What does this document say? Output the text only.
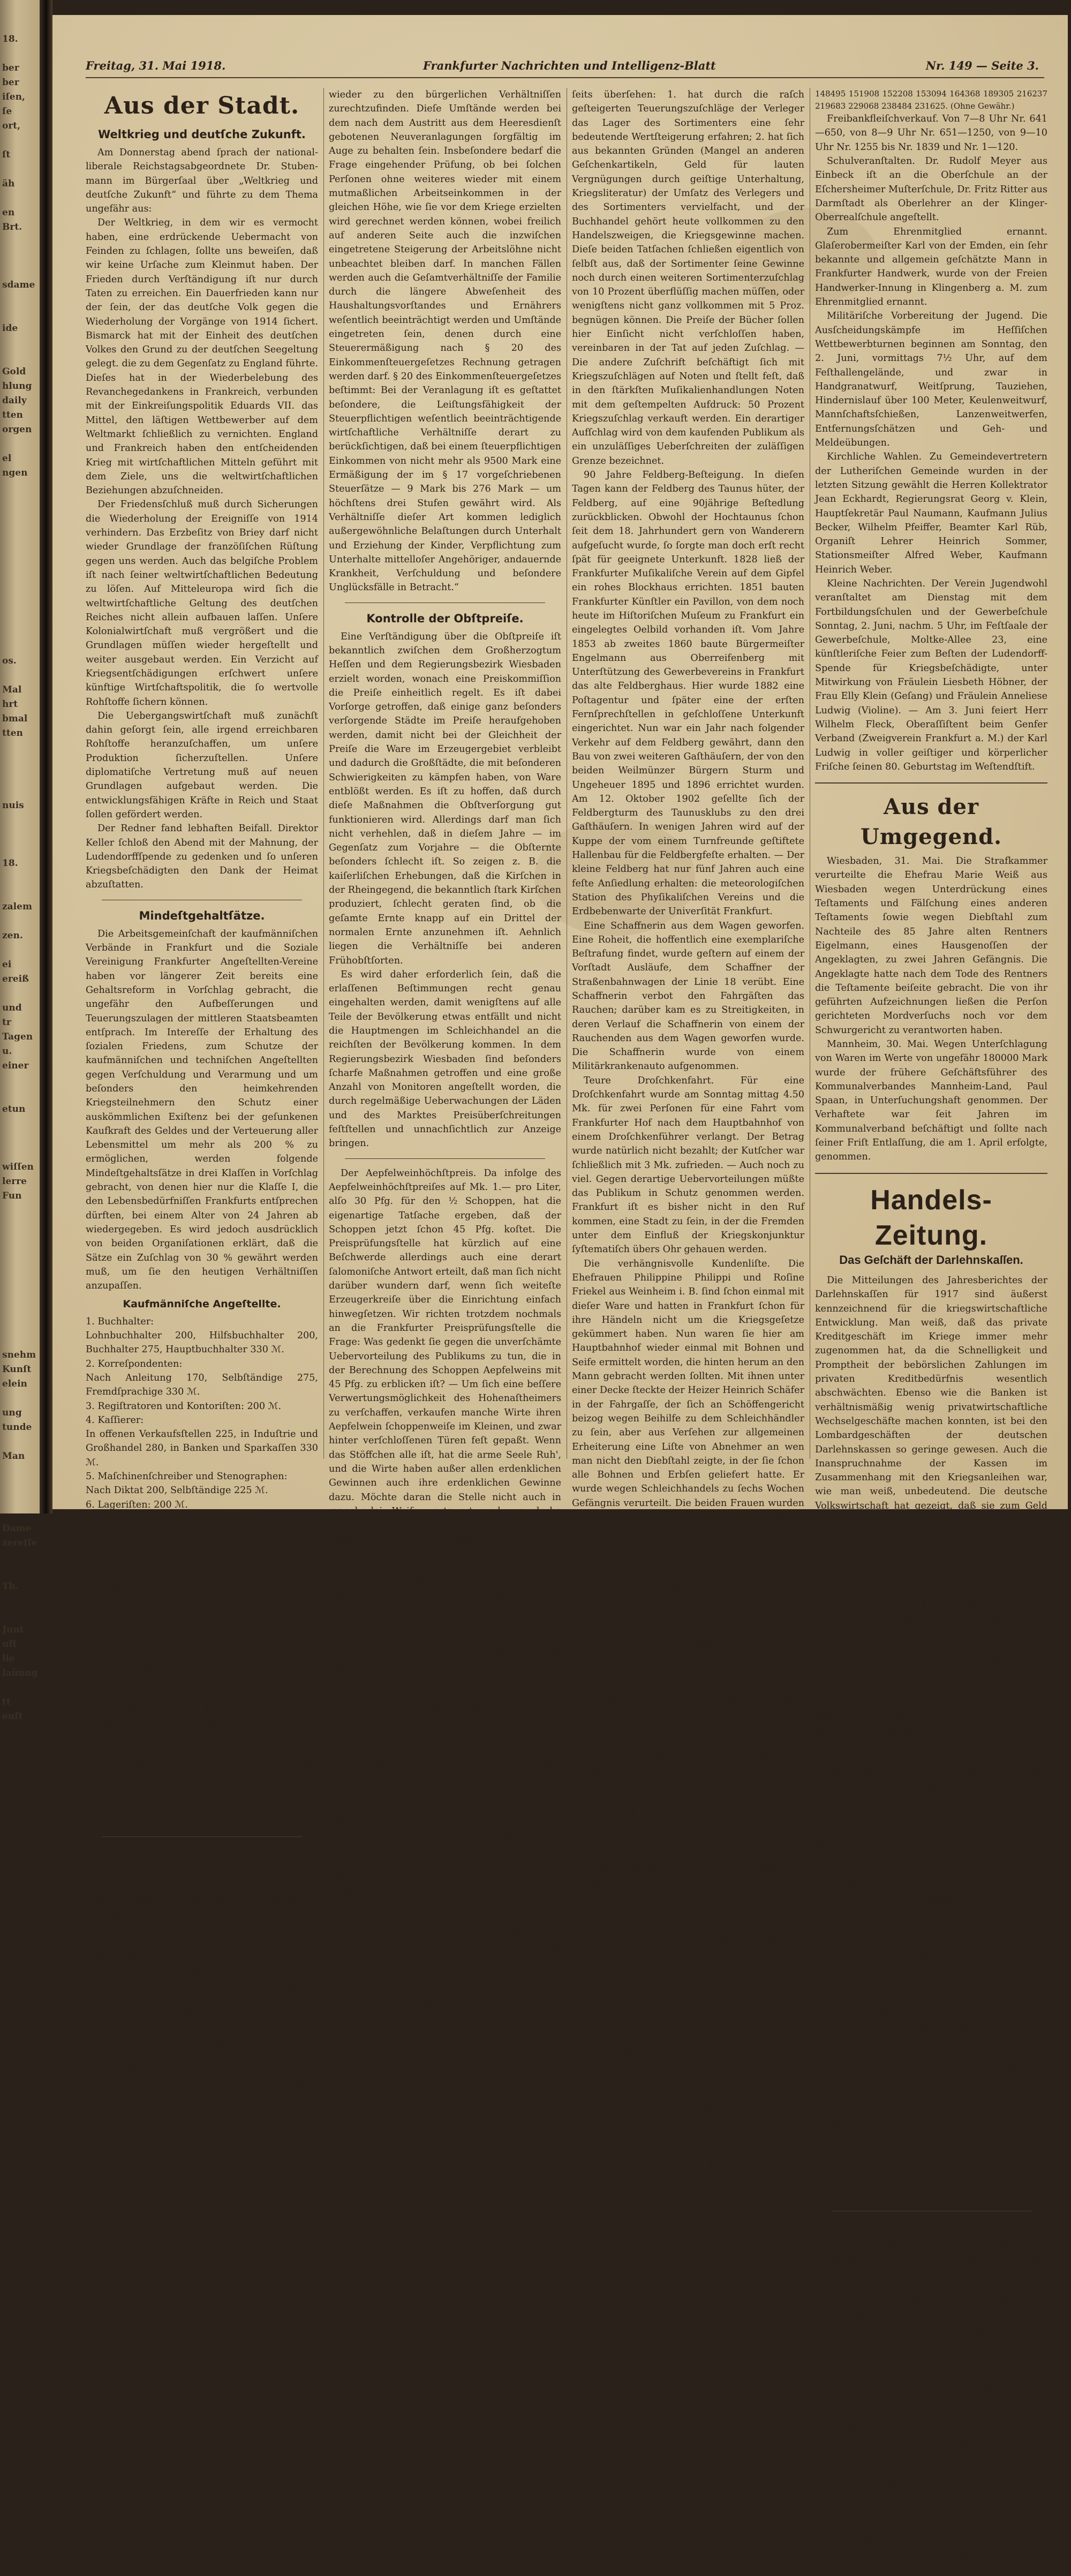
18.

ber
ber
iſen,
ſe
ort,

ſt

äh

en
Brt.

sdame

ide

Gold
hlung
daily
tten
orgen

el
ngen

os.

Mal
hrt
bmal
tten

nuis

18.

zalem

zen.

ei
ereiß

und
tr
Tagen
u.
einer

etun

wiſſen
lerre
Fun

snehm
Kunſt
elein

ung
tunde

Man

Dame
zereſſe

Th.

Junt
ufſ
lie
laüung

tt
enſt
Freitag, 31. Mai 1918.	Frankfurter Nachrichten und Intelligenz-Blatt	Nr. 149 — Seite 3.
Aus der Stadt.
Weltkrieg und deutſche Zukunft.

Am Donnerstag abend ſprach der national-liberale Reichstagsabgeordnete Dr. Stuben-mann im Bürgerſaal über „Weltkrieg und deutſche Zukunft“ und führte zu dem Thema ungefähr aus:

Der Weltkrieg, in dem wir es vermocht haben, eine erdrückende Uebermacht von Feinden zu ſchlagen, ſollte uns beweiſen, daß wir keine Urſache zum Kleinmut haben. Der Frieden durch Verſtändigung iſt nur durch Taten zu erreichen. Ein Dauerfrieden kann nur der ſein, der das deutſche Volk gegen die Wiederholung der Vorgänge von 1914 ſichert. Bismarck hat mit der Einheit des deutſchen Volkes den Grund zu der deutſchen Seegeltung gelegt. die zu dem Gegenſatz zu England führte. Dieſes hat in der Wiederbelebung des Revanchegedankens in Frankreich, verbunden mit der Einkreiſungspolitik Eduards VII. das Mittel, den läſtigen Wettbewerber auf dem Weltmarkt ſchließlich zu vernichten. England und Frankreich haben den entſcheidenden Krieg mit wirtſchaftlichen Mitteln geführt mit dem Ziele, uns die weltwirtſchaftlichen Beziehungen abzuſchneiden.

Der Friedensſchluß muß durch Sicherungen die Wiederholung der Ereigniſſe von 1914 verhindern. Das Erzbeſitz von Briey darf nicht wieder Grundlage der franzöſiſchen Rüſtung gegen uns werden. Auch das belgiſche Problem iſt nach ſeiner weltwirtſchaftlichen Bedeutung zu löſen. Auf Mitteleuropa wird ſich die weltwirtſchaftliche Geltung des deutſchen Reiches nicht allein aufbauen laſſen. Unſere Kolonialwirtſchaft muß vergrößert und die Grundlagen müſſen wieder hergeſtellt und weiter ausgebaut werden. Ein Verzicht auf Kriegsentſchädigungen erſchwert unſere künftige Wirtſchaftspolitik, die ſo wertvolle Rohſtoffe ſichern können.

Die Uebergangswirtſchaft muß zunächſt dahin geſorgt ſein, alle irgend erreichbaren Rohſtoffe heranzuſchaffen, um unſere Produktion ſicherzuſtellen. Unſere diplomatiſche Vertretung muß auf neuen Grundlagen aufgebaut werden. Die entwicklungsfähigen Kräfte in Reich und Staat ſollen gefördert werden.

Der Redner fand lebhaften Beifall. Direktor Keller ſchloß den Abend mit der Mahnung, der Ludendorffſpende zu gedenken und ſo unſeren Kriegsbeſchädigten den Dank der Heimat abzuſtatten.

Mindeſtgehaltſätze.

Die Arbeitsgemeinſchaft der kaufmänniſchen Verbände in Frankfurt und die Soziale Vereinigung Frankfurter Angeſtellten-Vereine haben vor längerer Zeit bereits eine Gehaltsreform in Vorſchlag gebracht, die ungefähr den Aufbeſſerungen und Teuerungszulagen der mittleren Staatsbeamten entſprach. Im Intereſſe der Erhaltung des ſozialen Friedens, zum Schutze der kaufmänniſchen und techniſchen Angeſtellten gegen Verſchuldung und Verarmung und um beſonders den heimkehrenden Kriegsteilnehmern den Schutz einer auskömmlichen Exiſtenz bei der geſunkenen Kaufkraft des Geldes und der Verteuerung aller Lebensmittel um mehr als 200 % zu ermöglichen, werden folgende Mindeſtgehaltsſätze in drei Klaſſen in Vorſchlag gebracht, von denen hier nur die Klaſſe I, die den Lebensbedürfniſſen Frankfurts entſprechen dürften, bei einem Alter von 24 Jahren ab wiedergegeben. Es wird jedoch ausdrücklich von beiden Organiſationen erklärt, daß die Sätze ein Zuſchlag von 30 % gewährt werden muß, um ſie den heutigen Verhältniſſen anzupaſſen.

Kaufmänniſche Angeſtellte.

1. Buchhalter:

Lohnbuchhalter 200, Hilfsbuchhalter 200, Buchhalter 275, Hauptbuchhalter 330 ℳ.

2. Korreſpondenten:

Nach Anleitung 170, Selbſtändige 275, Fremdſprachige 330 ℳ.

3. Regiſtratoren und Kontoriſten: 200 ℳ.

4. Kaſſierer:

In offenen Verkaufsſtellen 225, in Induſtrie und Großhandel 280, in Banken und Sparkaſſen 330 ℳ.

5. Maſchinenſchreiber und Stenographen:

Nach Diktat 200, Selbſtändige 225 ℳ.

6. Lageriſten: 200 ℳ.

7. Expedienten: 225 ℳ.

8. Verkäufer:

Kolonial- und verwandte Waren 170, andere Verkäufer 225, Schaufenſterdekorateure 280, Filialleiter 225 ℳ.

9. Reiſende: 280 ℳ.

10. Dolmetſcher (ohne Rückſicht auf Alter): 280 ℳ.

Techniſche Angeſtellte.

Induſtrie. Büro: Zeichner 200, Detailkonſtrukteure 200, Offertingenieure und Vorkalkulatoren 250, Selbſt. Konſtrukteure und Projektierungsing. 375, Reiſe- und Verſuchsingenieure 450, Ober- und Gruppenchefs 450, Oberingenieure 600 ℳ.

Betrieb: Nachkalkulatoren 280, Werkmeiſter 300, Obermeiſter 450, Montageleiter 450, Betriebsaſſiſtenten 300, Betriebsingenieure 600 ℳ.

Baugewerbe: Zeichner 200, Bautechniker im Büro 300, Bautechniker auf dem Bau 350, Bauleiter 400 ℳ.

Die Steuerveranlagung
ehem. Kriegsteilnehmer.

Die Grundſätze für die Einkommenſteuerveranlagung der entlaſſenen Kriegsteilnehmer werden in einem Erlaß des Finanzminiſters für die Vorſitzenden der Veranlagungskommiſſionen und der unterſtellten Organe dahin vorgeſchrieben, daß allgemein eine ſchonende Behandlung gegenüber ſolchen Steuerpflichtigen ſtattzufinden hat, die, vom Heeresdienſt entlaſſen, zu ihrer bürgerlichen Beſchäftigung zurückgekehrt ſind. In beſonderem Maße gilt dies bei Angehörigen des Mittelſtandes, die dem aktiven Dienſte entlaſſen. Schonende Rückſichtnahme iſt aber auch auf diejenigen Entlaſſenen geboten, die in ihrer körperlichen und geiſtigen Leiſtungsfähigkeit durch die Feldzugs-Einflüſſe erlitten haben und daher Nutzen haben werden, ſich

wieder zu den bürgerlichen Verhältniſſen zurechtzufinden. Dieſe Umſtände werden bei dem nach dem Austritt aus dem Heeresdienſt gebotenen Neuveranlagungen ſorgfältig im Auge zu behalten ſein. Insbeſondere bedarf die Frage eingehender Prüfung, ob bei ſolchen Perſonen ohne weiteres wieder mit einem mutmaßlichen Arbeitseinkommen in der gleichen Höhe, wie ſie vor dem Kriege erzielten wird gerechnet werden können, wobei freilich auf anderen Seite auch die inzwiſchen eingetretene Steigerung der Arbeitslöhne nicht unbeachtet bleiben darf. In manchen Fällen werden auch die Geſamtverhältniſſe der Familie durch die längere Abweſenheit des Haushaltungsvorſtandes und Ernährers weſentlich beeinträchtigt werden und Umſtände eingetreten ſein, denen durch eine Steuerermäßigung nach § 20 des Einkommenſteuergeſetzes Rechnung getragen werden darf. § 20 des Einkommenſteuergeſetzes beſtimmt: Bei der Veranlagung iſt es geſtattet beſondere, die Leiſtungsfähigkeit der Steuerpflichtigen weſentlich beeinträchtigende wirtſchaftliche Verhältniſſe derart zu berückſichtigen, daß bei einem ſteuerpflichtigen Einkommen von nicht mehr als 9500 Mark eine Ermäßigung der im § 17 vorgeſchriebenen Steuerſätze — 9 Mark bis 276 Mark — um höchſtens drei Stufen gewährt wird. Als Verhältniſſe dieſer Art kommen lediglich außergewöhnliche Belaſtungen durch Unterhalt und Erziehung der Kinder, Verpflichtung zum Unterhalte mittelloſer Angehöriger, andauernde Krankheit, Verſchuldung und beſondere Unglücksfälle in Betracht.“

Kontrolle der Obſtpreiſe.

Eine Verſtändigung über die Obſtpreiſe iſt bekanntlich zwiſchen dem Großherzogtum Heſſen und dem Regierungsbezirk Wiesbaden erzielt worden, wonach eine Preiskommiſſion die Preiſe einheitlich regelt. Es iſt dabei Vorſorge getroffen, daß einige ganz beſonders verſorgende Städte im Preiſe heraufgehoben werden, damit nicht bei der Gleichheit der Preiſe die Ware im Erzeugergebiet verbleibt und dadurch die Großſtädte, die mit beſonderen Schwierigkeiten zu kämpfen haben, von Ware entblößt werden. Es iſt zu hoffen, daß durch dieſe Maßnahmen die Obſtverſorgung gut funktionieren wird. Allerdings darf man ſich nicht verhehlen, daß in dieſem Jahre — im Gegenſatz zum Vorjahre — die Obſternte beſonders ſchlecht iſt. So zeigen z. B. die kaiſerliſchen Erhebungen, daß die Kirſchen in der Rheingegend, die bekanntlich ſtark Kirſchen produziert, ſchlecht geraten ſind, ob die geſamte Ernte knapp auf ein Drittel der normalen Ernte anzunehmen iſt. Aehnlich liegen die Verhältniſſe bei anderen Frühobſtſorten.

Es wird daher erforderlich ſein, daß die erlaſſenen Beſtimmungen recht genau eingehalten werden, damit wenigſtens auf alle Teile der Bevölkerung etwas entfällt und nicht die Hauptmengen im Schleichhandel an die reichſten der Bevölkerung kommen. In dem Regierungsbezirk Wiesbaden ſind beſonders ſcharfe Maßnahmen getroffen und eine große Anzahl von Monitoren angeſtellt worden, die durch regelmäßige Ueberwachungen der Läden und des Marktes Preisüberſchreitungen feſtſtellen und unnachſichtlich zur Anzeige bringen.

Der Aepfelweinhöchſtpreis. Da infolge des Aepfelweinhöchſtpreiſes auf Mk. 1.— pro Liter, alſo 30 Pfg. für den ½ Schoppen, hat die eigenartige Tatſache ergeben, daß der Schoppen jetzt ſchon 45 Pfg. koſtet. Die Preisprüfungsſtelle hat kürzlich auf eine Beſchwerde allerdings auch eine derart ſalomoniſche Antwort erteilt, daß man ſich nicht darüber wundern darf, wenn ſich weiteſte Erzeugerkreiſe über die Einrichtung einfach hinwegſetzen. Wir richten trotzdem nochmals an die Frankfurter Preisprüfungsſtelle die Frage: Was gedenkt ſie gegen die unverſchämte Uebervorteilung des Publikums zu tun, die in der Berechnung des Schoppen Aepfelweins mit 45 Pfg. zu erblicken iſt? — Um ſich eine beſſere Verwertungsmöglichkeit des Hohenaſtheimers zu verſchaffen, verkaufen manche Wirte ihren Aepfelwein ſchoppenweiſe im Kleinen, und zwar hinter verſchloſſenen Türen feſt gepaßt. Wenn das Stöffchen alle iſt, hat die arme Seele Ruh', und die Wirte haben außer allen erdenklichen Gewinnen auch ihre erdenklichen Gewinne dazu. Möchte daran die Stelle nicht auch in mancherlei Weiſe vertauert und wo derbe tauſend Leute zahlen. Möchten die zahlungswilligen und -fähigen alle Leute und nicht der kleine Mann, das iſt eine wirklich traurige Tatſache.

Bücherpreiſe. Wir erhalten u. a. folgende Zuſchrift zu dem in letzter Zeit erörterten Thema: Bücherpreiſe: Am 29. Mai 18 annonciert der Verlag Georg Müller in München: „Die Puderquaſte“ von Franz Blei neu erſchienen ſei, und zwar zum Preiſe von 8 Mk. für das gebundene Exemplar. Da ging daraufhin in zwei hieſige Buchhandlungen und verlangte das Buch zu dieſem Preiſe. In den Geſchäften erhielt ich indes die Auskunft: das Buch koſte jetzt 8 Mk. ſondern 11.50 Mk. und 10 Prozent Buchhändler-Aufſchlag = 12.50 Mk. Als des Rätſels Löſung ergab ſich, daß das vom Verlag annoncierte Preis der alte war, zu den Verlag nachträglich zu 40 Prozent Teuerungsaufſchlag auf ſeine ſämtlichen Publikationen erhob (wie ich nach Buchhändler-Aufklärung auch auf ſeine alten Beſtände!), ſo koſtet „Die Puderquaſte“ jetzt 8 Mk. + 50 Prozent Teuerungsaufſchlag, 10 Mk. Zu dieſem Preis gelangen aber erſt alte die Bücher des 8 Mk. erſchienen Fremdwörter Käufer zum Kaufen des Buches auf unter Angabe des alten Preiſes. Es wird gelegt, iſt das die gröbliche Irreführung des Publikums. Die allgemeine Verwirrung der moraliſchen Begriffe, die charakteriſtiſch für das bürgerliche Leben im Kriege iſt, hat, wie alle Zweige des Handels, auch das Buchgewerbe ergriffen. Es iſt ſicher daß gerade der verändernde Zuſtand nur darum beſonders auf, weil er ſich früher durch beſondere Solidität und konſtante Preiſe den Sortimentern gehört und auch die die kriegsmäßige Wandlung der kaufmänniſchen Moral. Die Verordnung hieſiger einzeln den Maßregel iſt trotzdem gedacht, um hintans trauen die Vorteile in die erhöhten Spielen, die der Sortimenter jetzt zweifellos hat, wenn ein gewichtiges Gegenargument wird dabei

ſeits überſehen: 1. hat durch die raſch geſteigerten Teuerungszuſchläge der Verleger das Lager des Sortimenters eine ſehr bedeutende Wertſteigerung erfahren; 2. hat ſich aus bekannten Gründen (Mangel an anderen Geſchenkartikeln, Geld für lauten Vergnügungen durch geiſtige Unterhaltung, Kriegsliteratur) der Umſatz des Verlegers und des Sortimenters vervielfacht, und der Buchhandel gehört heute vollkommen zu den Handelszweigen, die Kriegsgewinne machen. Dieſe beiden Tatſachen ſchließen eigentlich von ſelbſt aus, daß der Sortimenter ſeine Gewinne noch durch einen weiteren Sortimenterzuſchlag von 10 Prozent überflüſſig machen müſſen, oder wenigſtens nicht ganz vollkommen mit 5 Proz. begnügen können. Die Preiſe der Bücher ſollen hier Einſicht nicht verſchloſſen haben, vereinbaren in der Tat auf jeden Zuſchlag. — Die andere Zuſchrift beſchäftigt ſich mit Kriegszuſchlägen auf Noten und ſtellt feſt, daß in den ſtärkſten Muſikalienhandlungen Noten mit dem geſtempelten Aufdruck: 50 Prozent Kriegszuſchlag verkauft werden. Ein derartiger Aufſchlag wird von dem kaufenden Publikum als ein unzuläſſiges Ueberſchreiten der zuläſſigen Grenze bezeichnet.

90 Jahre Feldberg-Beſteigung. In dieſen Tagen kann der Feldberg des Taunus hüter, der Feldberg, auf eine 90jährige Beſtedlung zurückblicken. Obwohl der Hochtaunus ſchon ſeit dem 18. Jahrhundert gern von Wanderern aufgeſucht wurde, ſo ſorgte man doch erſt recht ſpät für geeignete Unterkunft. 1828 ließ der Frankfurter Muſikaliſche Verein auf dem Gipfel ein rohes Blockhaus errichten. 1851 bauten Frankfurter Künſtler ein Pavillon, von dem noch heute im Hiſtoriſchen Muſeum zu Frankfurt ein eingelegtes Oelbild vorhanden iſt. Vom Jahre 1853 ab zweites 1860 baute Bürgermeiſter Engelmann aus Oberreifenberg mit Unterſtützung des Gewerbevereins in Frankfurt das alte Feldberghaus. Hier wurde 1882 eine Poſtagentur und ſpäter eine der erſten Fernſprechſtellen in geſchloſſene Unterkunft eingerichtet. Nun war ein Jahr nach folgender Verkehr auf dem Feldberg gewährt, dann den Bau von zwei weiteren Gaſthäuſern, der von den beiden Weilmünzer Bürgern Sturm und Ungeheuer 1895 und 1896 errichtet wurden. Am 12. Oktober 1902 geſellte ſich der Feldbergturm des Taunusklubs zu den drei Gaſthäuſern. In wenigen Jahren wird auf der Kuppe der vom einem Turnfreunde geſtiftete Hallenbau für die Feldbergfeſte erhalten. — Der kleine Feldberg hat nur fünf Jahren auch eine feſte Anſiedlung erhalten: die meteorologiſchen Station des Phyſikaliſchen Vereins und die Erdbebenwarte der Univerſität Frankfurt.

Eine Schaffnerin aus dem Wagen geworfen. Eine Roheit, die hoffentlich eine exemplariſche Beſtrafung findet, wurde geſtern auf einem der Vorſtadt Ausläufe, dem Schaffner der Straßenbahnwagen der Linie 18 verübt. Eine Schaffnerin verbot den Fahrgäſten das Rauchen; darüber kam es zu Streitigkeiten, in deren Verlauf die Schaffnerin von einem der Rauchenden aus dem Wagen geworfen wurde. Die Schaffnerin wurde von einem Militärkrankenauto aufgenommen.

Teure Droſchkenfahrt. Für eine Droſchkenfahrt wurde am Sonntag mittag 4.50 Mk. für zwei Perſonen für eine Fahrt vom Frankfurter Hof nach dem Hauptbahnhof von einem Droſchkenführer verlangt. Der Betrag wurde natürlich nicht bezahlt; der Kutſcher war ſchließlich mit 3 Mk. zufrieden. — Auch noch zu viel. Gegen derartige Uebervorteilungen müßte das Publikum in Schutz genommen werden. Frankfurt iſt es bisher nicht in den Ruf kommen, eine Stadt zu ſein, in der die Fremden unter dem Einfluß der Kriegskonjunktur ſyſtematiſch übers Ohr gehauen werden.

Die verhängnisvolle Kundenliſte. Die Ehefrauen Philippine Philippi und Roſine Friekel aus Weinheim i. B. ſind ſchon einmal mit dieſer Ware und hatten in Frankfurt ſchon für ihre Händeln nicht um die Kriegsgeſetze gekümmert haben. Nun waren ſie hier am Hauptbahnhof wieder einmal mit Bohnen und Seife ermittelt worden, die hinten herum an den Mann gebracht werden ſollten. Mit ihnen unter einer Decke ſteckte der Heizer Heinrich Schäfer in der Fahrgaſſe, der ſich an Schöffengericht beizog wegen Beihilfe zu dem Schleichhändler zu ſein, aber aus Verſehen zur allgemeinen Erheiterung eine Liſte von Abnehmer an wen man nicht den Diebſtahl zeigte, in der ſie ſchon alle Bohnen und Erbſen geliefert hatte. Er wurde wegen Schleichhandels zu ſechs Wochen Gefängnis verurteilt. Die beiden Frauen wurden wegen verbotener Ausfuhr aus dem Bereich des Kommunalverbands beſtraft und zwar wurde die Philippi mit einem Monat und die Friekel mit zwei Wochen Gefängnis. — In der Strafkammer wurde der Händler Jakob Hellmann wegen Kettenhandels mit Salatöl ſich zu 300 Mark Geldſtrafe verurteilt.

Ludendorff-Spende. Die Zigarettenfabriken Geling & Co., Jerome Gonacheo, Rachtmann, Großmann & Co. hat dabei insgeſamt 6000 Mark geſpendet. Die Beſchlüſſe, das am Samstag, 1. Juni, in Caſino Kaſſe des Spendeplan der Preiſe, 2. dann mit der Spende zum Ludendorff-Spende, 3. die Nachrichten vom der Spende erfolgen.

Lebhafter Markt. Die Gemüſezufuhr ſich zu wünſchen übrig, und ſchien man Teil noch auf unſerer Mengen Nicht in den Marktſtände aus übrigens auf dem Frankfurter Markt. Nur Rettiche und junge Zwiebeln waren reichlich. Erbſen ſind ſehr billig. Der Markt iſt ſonſt ſchon zum Verkauf. Es wurden gehandelt: Kohlrabi, Stück, Spargel 1.15 ℳ, Blumenkohl 80 ℳ, Kopfſalat 50 bis 1.50 ℳ, Spinat 70 ℳ, Zwiebeln mit Schloſſen das Pfund 70 ℳ.

Beſchlagnahmtes Fleiſch. Im Oſtbahnhof in Hanau hat die Polizei einen großen Korb beſchlagnahmt, der 100 Pfund Rindfleiſch enthielt, das aus Bayern nach Offenbach, angeblich in eine Großmetzgerei überführt werden ſollte. Das Fleiſch iſt der Hanauer Kreisfleiſchſtelle überwieſen worden.

Preußiſch-Süddeutſche Klaſſenlotterie. In der Vormittags-Ziehung fielen 15000 Mark auf Nr. 169127, 10000 Mark auf Nr. 6251 20937, 5000 Mark auf Nr. 219403 227107, 3000 Mark auf Nr. 12583 13501 14019 18527 23599 33197 41098 45227 47291 55402 56573 57085 59160 60017 61039 65412 67383 73018 84392 96601 100173 100566 101328 104512 106897 114072 124017 139004 140563 143218 151009 153127 165723 172308 184389 190280 219554 223871. — In der Nachmittags-Ziehung fielen 30000 Mark auf Nr. 171086, 15000 Mk. auf Nr. 76207, 10000 Mark auf Nr. 26497, 5000 Mark auf Nr. 9746 98579 179785 204161, 3000 Mark auf Nr. 24817 31743 37593 44023 47873 52703 68271 75379 77618 78801 79015 80719 85377 90213 94719 102881 107901 111113 116137 115344 125482 125344 142838

148495 151908 152208 153094 164368 189305 216237 219683 229068 238484 231625. (Ohne Gewähr.)

Freibankfleiſchverkauf. Von 7—8 Uhr Nr. 641—650, von 8—9 Uhr Nr. 651—1250, von 9—10 Uhr Nr. 1255 bis Nr. 1839 und Nr. 1—120.

Schulveranſtalten. Dr. Rudolf Meyer aus Einbeck iſt an die Oberſchule an der Eſchersheimer Muſterſchule, Dr. Fritz Ritter aus Darmſtadt als Oberlehrer an der Klinger-Oberrealſchule angeſtellt.

Zum Ehrenmitglied ernannt. Glaſerobermeiſter Karl von der Emden, ein ſehr bekannte und allgemein geſchätzte Mann in Frankfurter Handwerk, wurde von der Freien Handwerker-Innung in Klingenberg a. M. zum Ehrenmitglied ernannt.

Militäriſche Vorbereitung der Jugend. Die Ausſcheidungskämpfe im Heſſiſchen Wettbewerbturnen beginnen am Sonntag, den 2. Juni, vormittags 7½ Uhr, auf dem Feſthallengelände, und zwar in Handgranatwurf, Weitſprung, Tauziehen, Hindernislauf über 100 Meter, Keulenweitwurf, Mannſchaftsſchießen, Lanzenweitwerfen, Entfernungsſchätzen und Geh- und Meldeübungen.

Kirchliche Wahlen. Zu Gemeindevertretern der Lutheriſchen Gemeinde wurden in der letzten Sitzung gewählt die Herren Kollektrator Jean Eckhardt, Regierungsrat Georg v. Klein, Hauptſekretär Paul Naumann, Kaufmann Julius Becker, Wilhelm Pfeiffer, Beamter Karl Rüb, Organiſt Lehrer Heinrich Sommer, Stationsmeiſter Alfred Weber, Kaufmann Heinrich Weber.

Kleine Nachrichten. Der Verein Jugendwohl veranſtaltet am Dienstag mit dem Fortbildungsſchulen und der Gewerbeſchule Sonntag, 2. Juni, nachm. 5 Uhr, im Feſtſaale der Gewerbeſchule, Moltke-Allee 23, eine künſtleriſche Feier zum Beſten der Ludendorff-Spende für Kriegsbeſchädigte, unter Mitwirkung von Fräulein Liesbeth Höbner, der Frau Elly Klein (Geſang) und Fräulein Anneliese Ludwig (Violine). — Am 3. Juni feiert Herr Wilhelm Fleck, Oberaſſiſtent beim Genfer Verband (Zweigverein Frankfurt a. M.) der Karl Ludwig in voller geiſtiger und körperlicher Friſche ſeinen 80. Geburtstag im Weſtendſtift.

Aus der Umgegend.

Wiesbaden, 31. Mai. Die Strafkammer verurteilte die Ehefrau Marie Weiß aus Wiesbaden wegen Unterdrückung eines Teſtaments und Fälſchung eines anderen Teſtaments ſowie wegen Diebſtahl zum Nachteile des 85 Jahre alten Rentners Eigelmann, eines Hausgenoſſen der Angeklagten, zu zwei Jahren Gefängnis. Die Angeklagte hatte nach dem Tode des Rentners die Teſtamente beiſeite gebracht. Die von ihr geführten Aufzeichnungen ließen die Perſon gerichteten Mordverſuchs noch vor dem Schwurgericht zu verantworten haben.

Mannheim, 30. Mai. Wegen Unterſchlagung von Waren im Werte von ungefähr 180000 Mark wurde der frühere Geſchäftsführer des Kommunalverbandes Mannheim-Land, Paul Spaan, in Unterſuchungshaft genommen. Der Verhaftete war ſeit Jahren im Kommunalverband beſchäftigt und ſollte nach ſeiner Friſt Entlaſſung, die am 1. April erfolgte, genommen.

Handels-Zeitung.
Das Geſchäft der Darlehnskaſſen.

Die Mitteilungen des Jahresberichtes der Darlehnskaſſen für 1917 sind äußerst kennzeichnend für die kriegswirtschaftliche Entwicklung. Man weiß, daß das private Kreditgeschäft im Kriege immer mehr zugenommen hat, da die Schnelligkeit und Promptheit der bebörslichen Zahlungen im privaten Kreditbedürfnis wesentlich abschwächten. Ebenso wie die Banken ist verhältnismäßig wenig privatwirtschaftliche Wechselgeschäfte machen konnten, ist bei den Lombardgeschäften der deutschen Darlehnskassen so geringe gewesen. Auch die Inanspruchnahme der Kassen im Zusammenhang mit den Kriegsanleihen war, wie man weiß, unbedeutend. Die deutsche Volkswirtschaft hat gezeigt, daß sie zum Geld gesättigt, darart mit bereiten Mitteln versehen, daß sie zum Zweck der Kriegsanleihebeleihung Kredite nur in geringem Maße in Anspruch zu nehmen braucht. Bei der so geringen und alsbaldigen Kriegsanleihe wurden ihren Zeitraum bewegenden Kaſſen gegeben werden, um Zeichen, daß die Kriegsgeldflüssigkeit vom Jahr zu Jahr gestiegen ist. Gesamtsumme aller Kriegsanleihedarlehne war Ende 1917 noch geringer als Ende 1916. Gegenüber 1916 sind im Jahre 1917 im Interesse der öffentlichen Körperschaften des Bundesstaaten, Gemeinden usw. außerordentlich stark gewesen. Auf derartige Körperschaften entfielen im Jahre 1917 rund 1 Milliarde oder 75 pCt. der gesamten Beleihungen. Bemerkenswert ist der Rückgang der Beleihung an die Kriegsgesellschaften. Er ist ebenfalls ein Zeichen der wachsenden Geldflüssigkeit und außerdem ein Symptom für die Einarbeitung der Unternehmungen in ihren Aufgabenkreis. Die Gesamtumsätze der deutschen Darlehnskassen betrugen im Jahre 1917 68,5 Milliarden M. gegen rund 39 Milliarden M. im Jahre 1916. Die Zunahme fällt auf das Konto der Berliner Darlehnskasse. Da rund 75 pCt. der Gesamtinanspruchnahme der Kassen auf öffentlichen Körperschaften entfallen, so bekommt man einen Begriff darüber, welche Bedeutung die Darlehnskassen für die Befriedigung des Geldbedarfs der öffentlichen Körperschaften erlangt haben. Die Bedeutung der Darlehnskassen geht noch über die der Banken hinaus. Man wird sagen können, daß der Geldbedarf der Bundesstaaten, Provinzen und Gemeinden im Kriege einen außerordentlichen Umfang angenommen hat. Die Darlehnskassen werden eigentlich erst nach Friedensschluß ihre Hauptaufgabe zu lösen haben. Sie werden dann eines der wichtigsten Instrumente sein, um die umfangreichen Kreditbefriedigungen, sowie auch der Regelung des Zahlungsverkehrs mit dem Ausland zu erfüllen, dienen. Man wird die Kriegsanleihen, die an die Kassen, dann erst stellen. Fußt doch der Plan der Mobilisierung unserer Kriegsanleihen auf diesen Kassen. Jedenfalls werden diese Kassen noch lange Zeit nach dem Friedensschluß nicht verschwinden.

Induſtrie und Handel.

Die Ernteausſichten. Die Aussichten der Ernte in den verschiedenen Ländern erlangen von Woche zu Woche eine größere politische Bedeutung. In Deutschland haben es die gesetzten zahlreichen „drei Eisheiligen“ diesmal gut gemeint; es kam ein Wetterfall von ein, vielmehr ist die Witterung gesteigerte Wunsch nach Regen ist die Gegengewicht gegen die ist Wärme als die vereinzelt das vielfach Erfüllung gefunden, so daß in den meisten Landesteilen ein günstiger Wechsel zwischen warmen und regnerischen Tagen in letzter Zeit eingetreten ist. Die Saaten haben sich daher fast überall günstig entwickelt. Der Regen wird für das Wintergetreide zu spät kommen, da das ja im Frühjahr stand unter sehr ein Wechsel und Sommergetreide lauten die Nachrichten erfreulicher. Die Gründe für die vielfach die verschiedene Düngung große Unterschiede im Saatenstand hervorgerufen. Für den Ernte erwartet man die Rapssaat und die Heuernte geben. Für das Wirtschaft hat die erfreulich Aussichten, doch ist der Aussehen der Kleeschläge. Wichtig ist die Aus-
